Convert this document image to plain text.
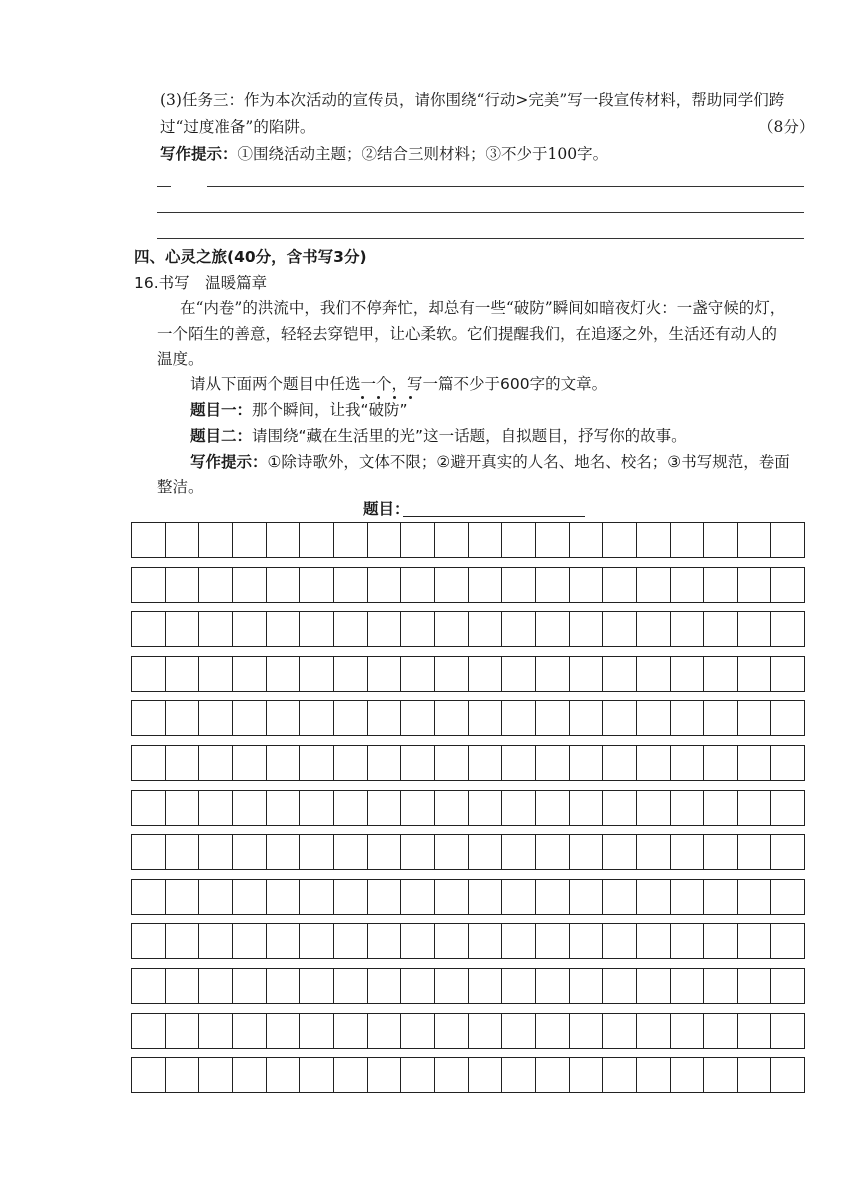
(3)任务三：作为本次活动的宣传员，请你围绕“行动>完美”写一段宣传材料，帮助同学们跨
过“过度准备”的陷阱。	（8分）
写作提示：①围绕活动主题；②结合三则材料；③不少于100字。
四、心灵之旅(40分，含书写3分)
16.书写　温暖篇章
在“内卷”的洪流中，我们不停奔忙，却总有一些“破防”瞬间如暗夜灯火：一盏守候的灯，
一个陌生的善意，轻轻去穿铠甲，让心柔软。它们提醒我们，在追逐之外，生活还有动人的
温度。
请从下面两个题目中任选一个，写一篇不少于600字的文章。
题目一：那个瞬间，让我“破防”
题目二：请围绕“藏在生活里的光”这一话题，自拟题目，抒写你的故事。
写作提示：①除诗歌外，文体不限；②避开真实的人名、地名、校名；③书写规范，卷面
整洁。
题目：
